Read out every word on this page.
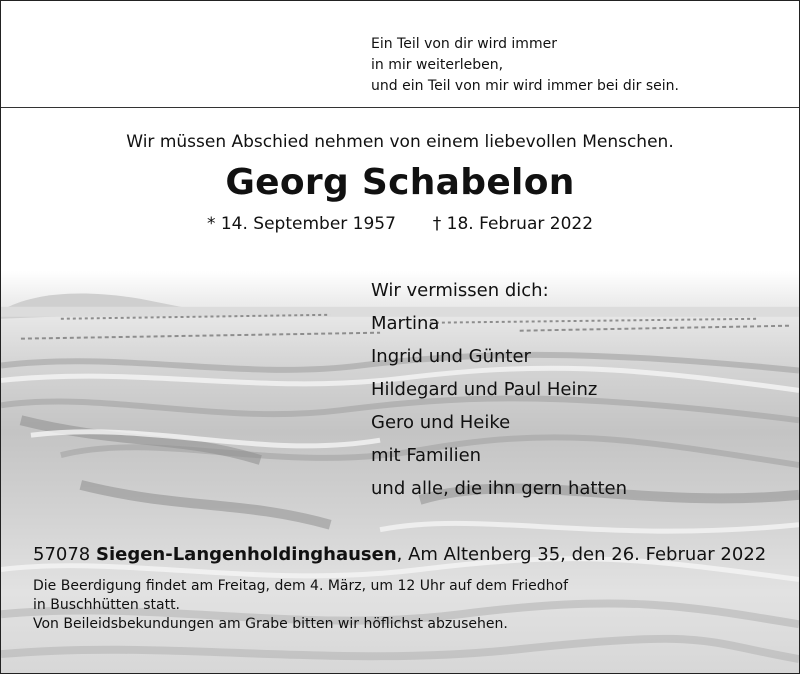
Ein Teil von dir wird immer
in mir weiterleben,
und ein Teil von mir wird immer bei dir sein.
Wir müssen Abschied nehmen von einem liebevollen Menschen.
Georg Schabelon
* 14. September 1957 † 18. Februar 2022
Wir vermissen dich:
Martina
Ingrid und Günter
Hildegard und Paul Heinz
Gero und Heike
mit Familien
und alle, die ihn gern hatten
57078 Siegen-Langenholdinghausen, Am Altenberg 35, den 26. Februar 2022
Die Beerdigung findet am Freitag, dem 4. März, um 12 Uhr auf dem Friedhof
in Buschhütten statt.
Von Beileidsbekundungen am Grabe bitten wir höflichst abzusehen.
